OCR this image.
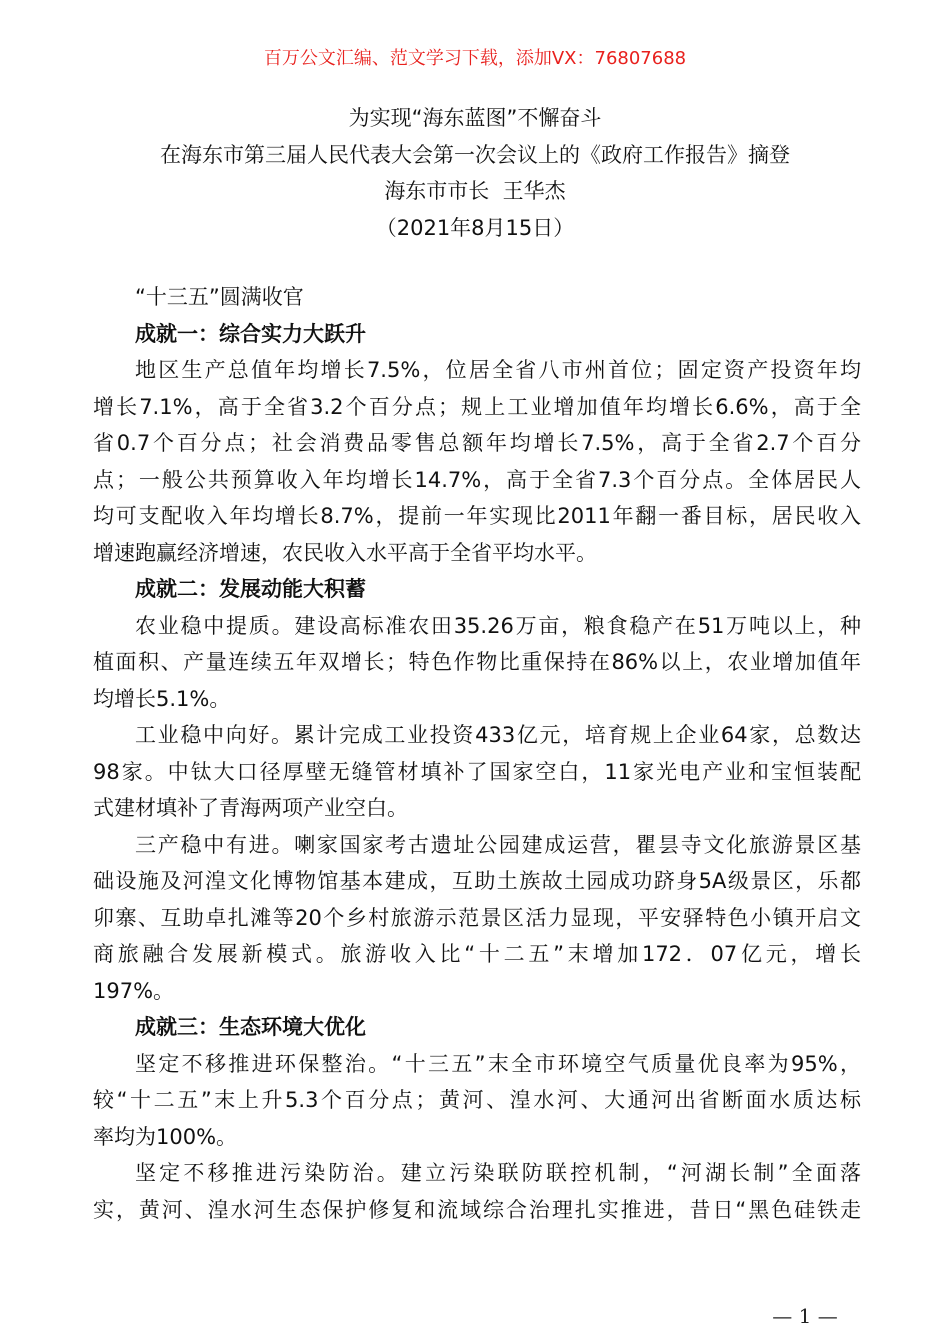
百万公文汇编、范文学习下载，添加VX：76807688
为实现“海东蓝图”不懈奋斗
在海东市第三届人民代表大会第一次会议上的《政府工作报告》摘登
海东市市长  王华杰
（2021年8月15日）
“十三五”圆满收官
成就一：综合实力大跃升
地区生产总值年均增长7.5%，位居全省八市州首位；固定资产投资年均
增长7.1%，高于全省3.2个百分点；规上工业增加值年均增长6.6%，高于全
省0.7个百分点；社会消费品零售总额年均增长7.5%，高于全省2.7个百分
点；一般公共预算收入年均增长14.7%，高于全省7.3个百分点。全体居民人
均可支配收入年均增长8.7%，提前一年实现比2011年翻一番目标，居民收入
增速跑赢经济增速，农民收入水平高于全省平均水平。
成就二：发展动能大积蓄
农业稳中提质。建设高标准农田35.26万亩，粮食稳产在51万吨以上，种
植面积、产量连续五年双增长；特色作物比重保持在86%以上，农业增加值年
均增长5.1%。
工业稳中向好。累计完成工业投资433亿元，培育规上企业64家，总数达
98家。中钛大口径厚壁无缝管材填补了国家空白，11家光电产业和宝恒装配
式建材填补了青海两项产业空白。
三产稳中有进。喇家国家考古遗址公园建成运营，瞿昙寺文化旅游景区基
础设施及河湟文化博物馆基本建成，互助土族故土园成功跻身5A级景区，乐都
卯寨、互助卓扎滩等20个乡村旅游示范景区活力显现，平安驿特色小镇开启文
商旅融合发展新模式。旅游收入比“十二五”末增加172．07亿元，增长
197%。
成就三：生态环境大优化
坚定不移推进环保整治。“十三五”末全市环境空气质量优良率为95%，
较“十二五”末上升5.3个百分点；黄河、湟水河、大通河出省断面水质达标
率均为100%。
坚定不移推进污染防治。建立污染联防联控机制，“河湖长制”全面落
实，黄河、湟水河生态保护修复和流域综合治理扎实推进，昔日“黑色硅铁走
— 1 —
